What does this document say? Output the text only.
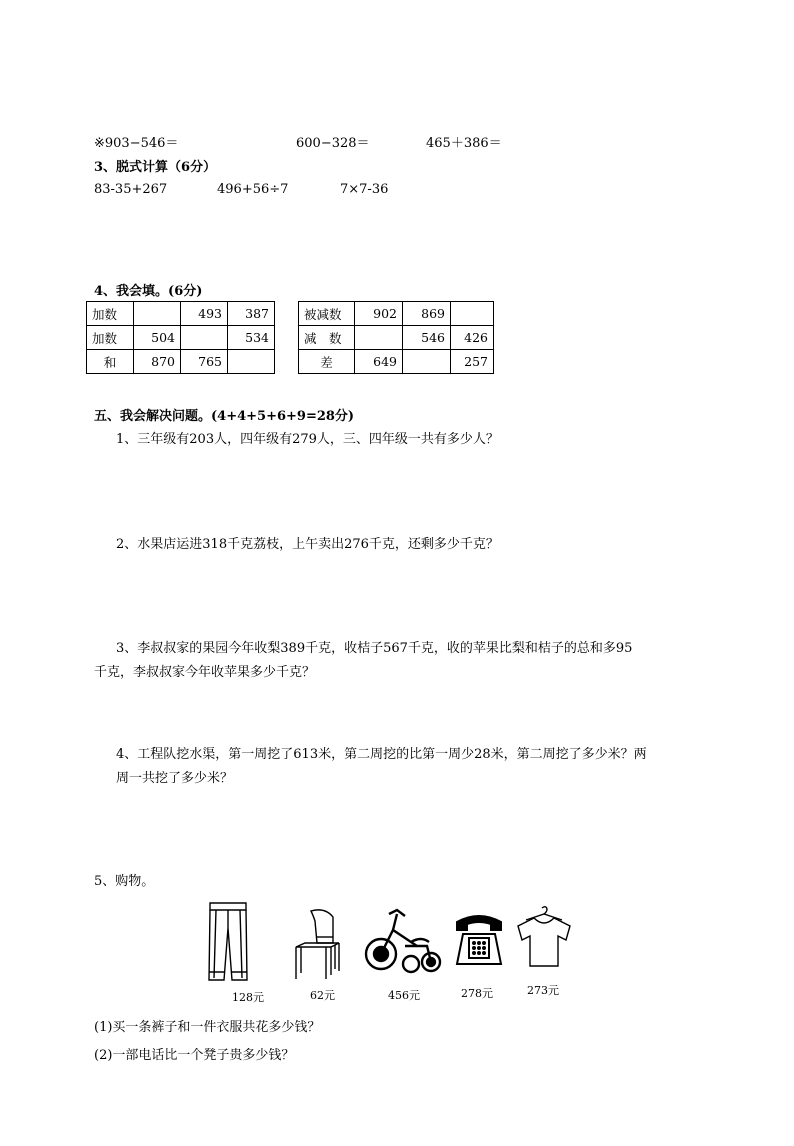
※903−546＝	600−328＝	465＋386＝
3、脱式计算（6分）
83-35+267	496+56÷7	7×7-36
4、我会填。(6分)
加数		493	387
加数	504		534
和	870	765	
被减数	902	869	
减　数		546	426
差	649		257
五、我会解决问题。(4+4+5+6+9=28分)
1、三年级有203人，四年级有279人，三、四年级一共有多少人？
2、水果店运进318千克荔枝，上午卖出276千克，还剩多少千克？
3、李叔叔家的果园今年收梨389千克，收桔子567千克，收的苹果比梨和桔子的总和多95
千克，李叔叔家今年收苹果多少千克？
4、工程队挖水渠，第一周挖了613米，第二周挖的比第一周少28米，第二周挖了多少米？两
周一共挖了多少米？
5、购物。
128元	62元	456元	278元	273元
(1)买一条裤子和一件衣服共花多少钱？
(2)一部电话比一个凳子贵多少钱？
